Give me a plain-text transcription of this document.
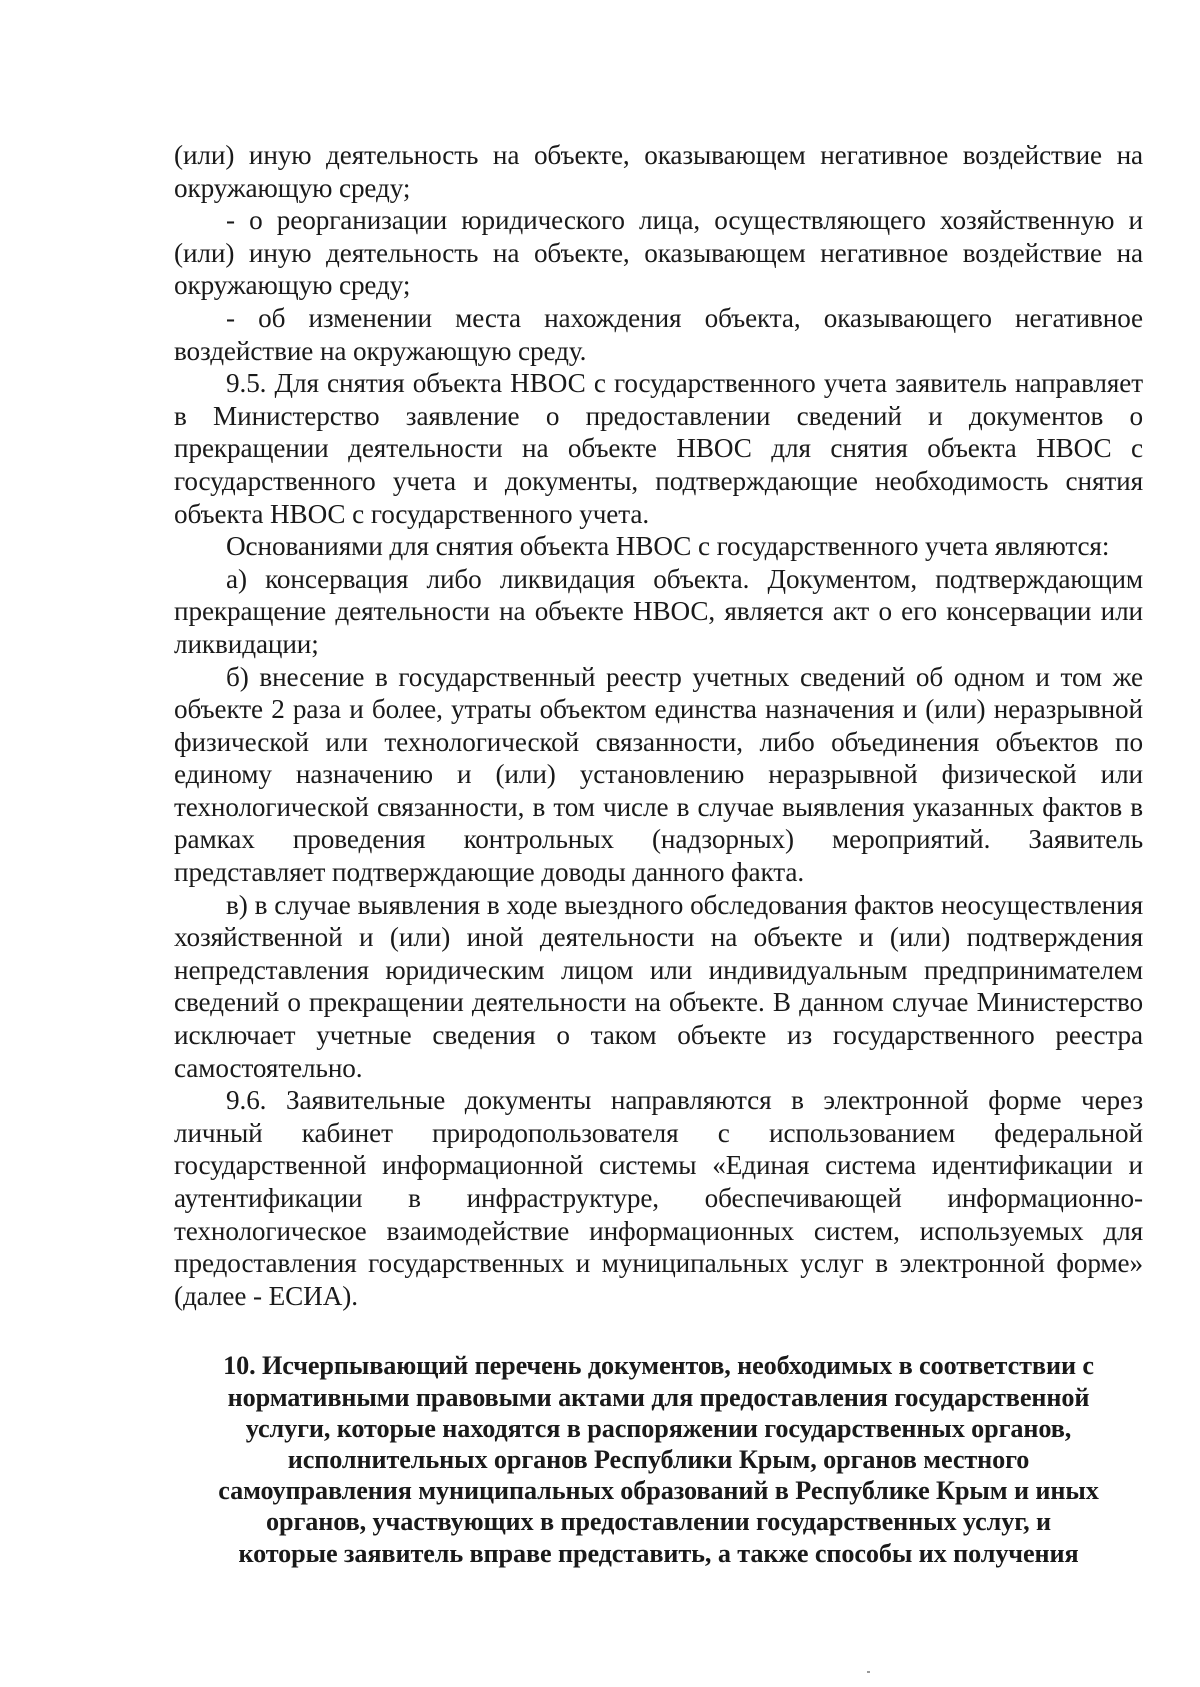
(или) иную деятельность на объекте, оказывающем негативное воздействие на окружающую среду;

- о реорганизации юридического лица, осуществляющего хозяйственную и (или) иную деятельность на объекте, оказывающем негативное воздействие на окружающую среду;

- об изменении места нахождения объекта, оказывающего негативное воздействие на окружающую среду.

9.5. Для снятия объекта НВОС с государственного учета заявитель направляет в Министерство заявление о предоставлении сведений и документов о прекращении деятельности на объекте НВОС для снятия объекта НВОС с государственного учета и документы, подтверждающие необходимость снятия объекта НВОС с государственного учета.

Основаниями для снятия объекта НВОС с государственного учета являются:

а) консервация либо ликвидация объекта. Документом, подтверждающим прекращение деятельности на объекте НВОС, является акт о его консервации или ликвидации;

б) внесение в государственный реестр учетных сведений об одном и том же объекте 2 раза и более, утраты объектом единства назначения и (или) неразрывной физической или технологической связанности, либо объединения объектов по единому назначению и (или) установлению неразрывной физической или технологической связанности, в том числе в случае выявления указанных фактов в рамках проведения контрольных (надзорных) мероприятий. Заявитель представляет подтверждающие доводы данного факта.

в) в случае выявления в ходе выездного обследования фактов неосуществления хозяйственной и (или) иной деятельности на объекте и (или) подтверждения непредставления юридическим лицом или индивидуальным предпринимателем сведений о прекращении деятельности на объекте. В данном случае Министерство исключает учетные сведения о таком объекте из государственного реестра самостоятельно.

9.6. Заявительные документы направляются в электронной форме через личный кабинет природопользователя с использованием федеральной государственной информационной системы «Единая система идентификации и аутентификации в инфраструктуре, обеспечивающей информационно-технологическое взаимодействие информационных систем, используемых для предоставления государственных и муниципальных услуг в электронной форме» (далее - ЕСИА).

10. Исчерпывающий перечень документов, необходимых в соответствии с
нормативными правовыми актами для предоставления государственной
услуги, которые находятся в распоряжении государственных органов,
исполнительных органов Республики Крым, органов местного
самоуправления муниципальных образований в Республике Крым и иных
органов, участвующих в предоставлении государственных услуг, и
которые заявитель вправе представить, а также способы их получения
